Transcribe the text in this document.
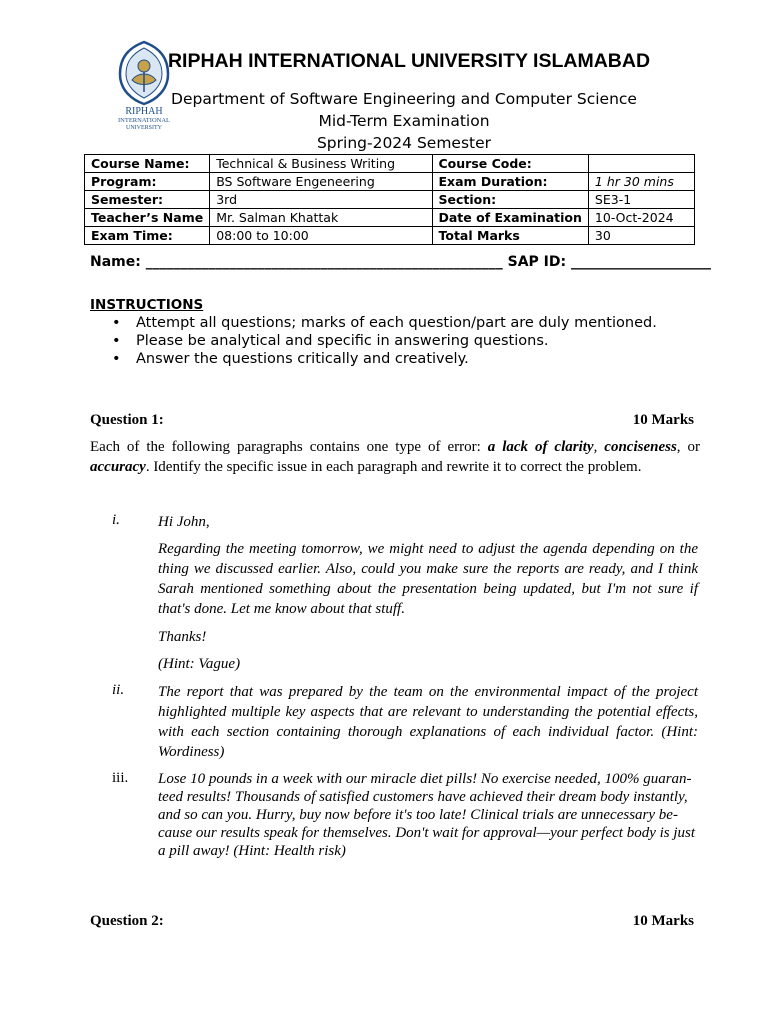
RIPHAH
INTERNATIONAL
UNIVERSITY
RIPHAH INTERNATIONAL UNIVERSITY ISLAMABAD
Department of Software Engineering and Computer Science
Mid-Term Examination
Spring-2024 Semester
Course Name:	Technical & Business Writing	Course Code:	
Program:	BS Software Engeneering	Exam Duration:	1 hr 30 mins
Semester:	3rd	Section:	SE3-1
Teacher’s Name	Mr. Salman Khattak	Date of Examination	10-Oct-2024
Exam Time:	08:00 to 10:00	Total Marks	30
Name: ___________________________________________________ SAP ID: ____________________
INSTRUCTIONS
• Attempt all questions; marks of each question/part are duly mentioned.
• Please be analytical and specific in answering questions.
• Answer the questions critically and creatively.
Question 1:	10 Marks
Each of the following paragraphs contains one type of error: a lack of clarity, conciseness, or accuracy. Identify the specific issue in each paragraph and rewrite it to correct the problem.
i.	Hi John,
Regarding the meeting tomorrow, we might need to adjust the agenda depending on the thing we discussed earlier. Also, could you make sure the reports are ready, and I think Sarah mentioned something about the presentation being updated, but I'm not sure if that's done. Let me know about that stuff.
Thanks!
(Hint: Vague)
ii. The report that was prepared by the team on the environmental impact of the project highlighted multiple key aspects that are relevant to understanding the potential effects, with each section containing thorough explanations of each individual factor. (Hint: Wordiness)
iii. Lose 10 pounds in a week with our miracle diet pills! No exercise needed, 100% guaran-teed results! Thousands of satisfied customers have achieved their dream body instantly, and so can you. Hurry, buy now before it's too late! Clinical trials are unnecessary be-cause our results speak for themselves. Don't wait for approval—your perfect body is just a pill away! (Hint: Health risk)
Question 2:	10 Marks
